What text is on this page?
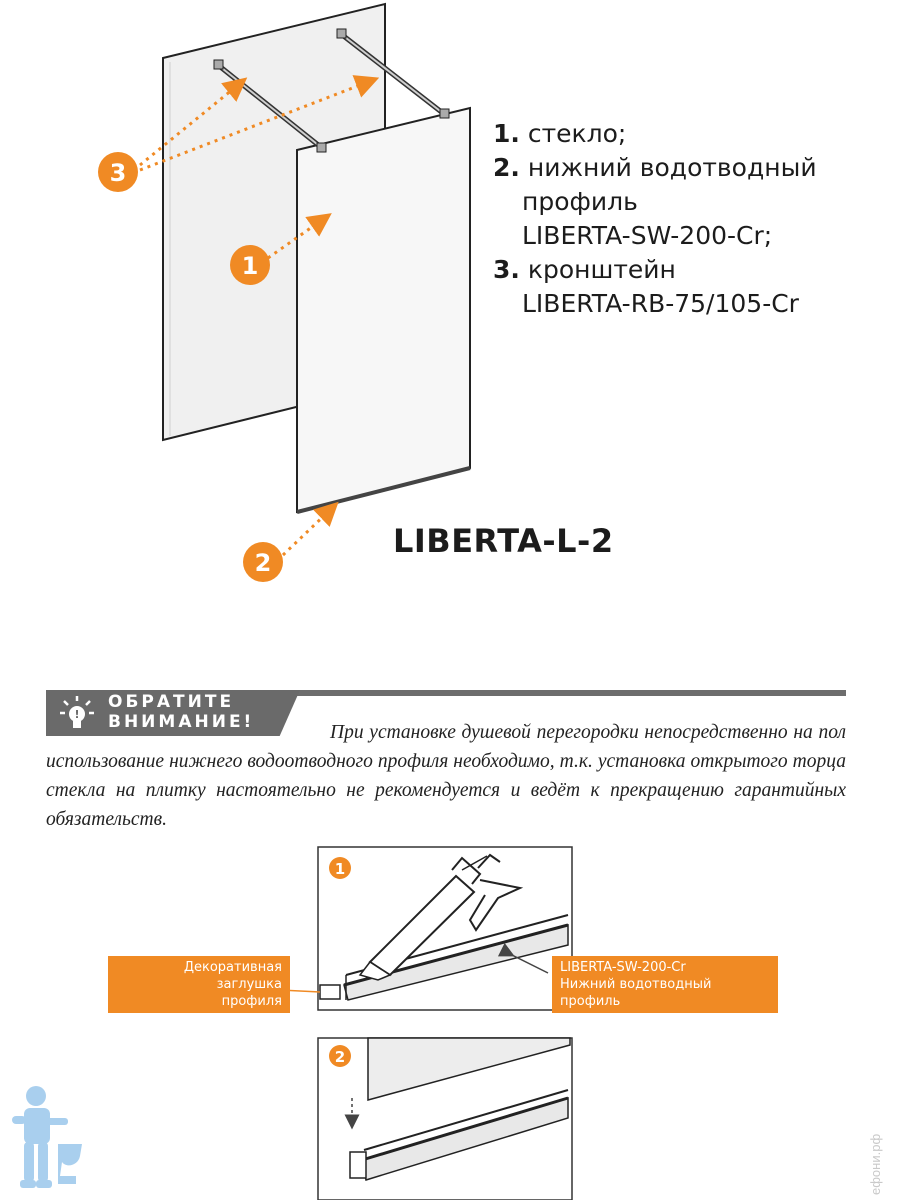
3
1
2
1. стекло;
2. нижний водотводный
профиль
LIBERTA-SW-200-Cr;
3. кронштейн
LIBERTA-RB-75/105-Cr
LIBERTA-L-2
!
ОБРАТИТЕ
ВНИМАНИЕ!	При установке душевой перегородки непосредственно на пол использование нижнего водоотводного профиля необходимо, т.к. установка открытого торца стекла на плитку настоятельно не рекомендуется и ведёт к прекращению гарантийных обязательств.
1
2
Декоративная заглушка
профиля
LIBERTA-SW-200-Cr
Нижний водотводный профиль
ефони.рф
